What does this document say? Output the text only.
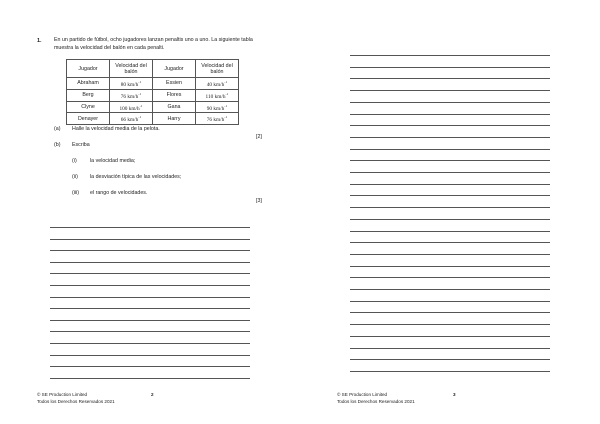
1. En un partido de fútbol, ocho jugadores lanzan penaltis uno a uno. La siguiente tabla muestra la velocidad del balón en cada penalti.
Jugador	Velocidad del balón	Jugador	Velocidad del balón
Abraham	80 $km/h^{-1}$	Essien	40 $km/h^{-1}$
Berg	76 $km/h^{-1}$	Flores	110 $km/h^{-1}$
Clyne	100 $km/h^{-1}$	Gana	90 $km/h^{-1}$
Denayer	66 $km/h^{-1}$	Harry	76 $km/h^{-1}$
(a) Halle la velocidad media de la pelota.
[2]
(b) Escriba
(i)	la velocidad media;
(ii) la desviación típica de las velocidades;
(iii) el rango de velocidades.
[3]
© SE Production Limited
Todos los Derechos Reservados 2021
2	© SE Production Limited
Todos los Derechos Reservados 2021
3
